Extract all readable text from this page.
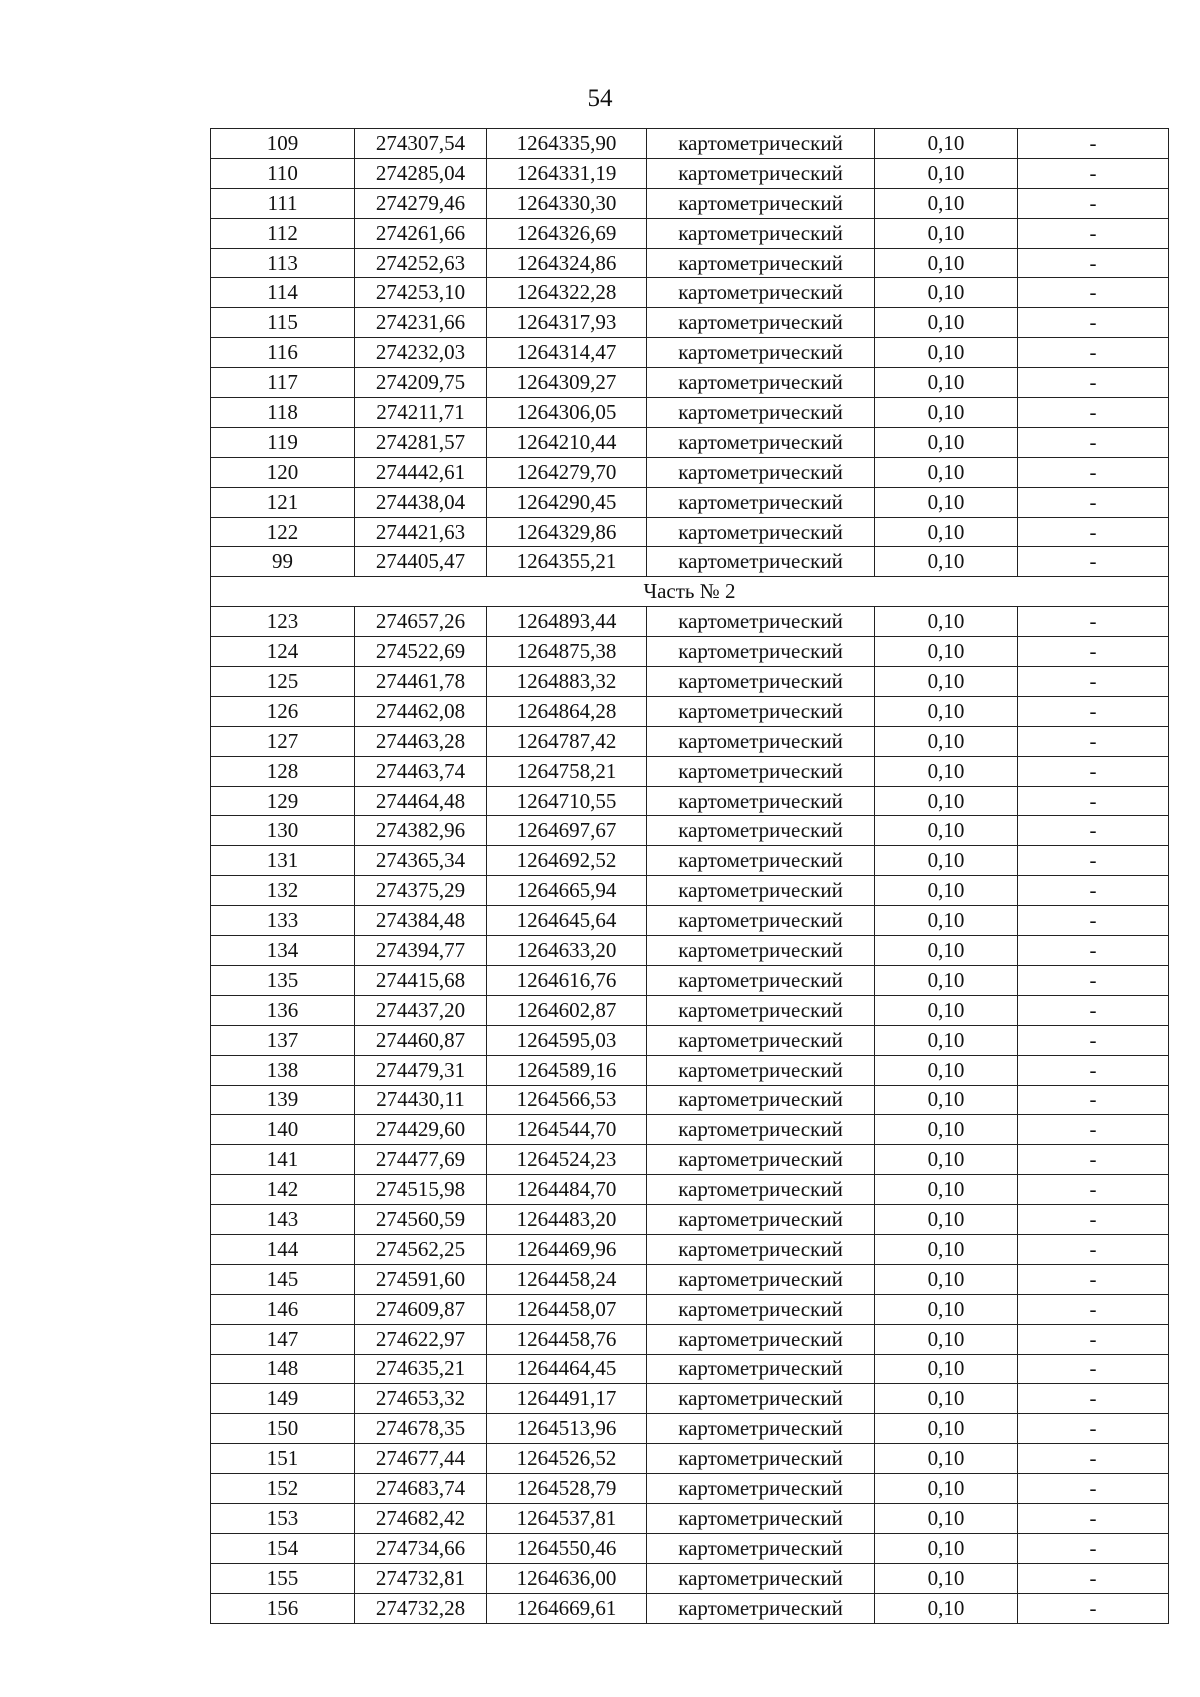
54
109	274307,54	1264335,90	картометрический	0,10	-
110	274285,04	1264331,19	картометрический	0,10	-
111	274279,46	1264330,30	картометрический	0,10	-
112	274261,66	1264326,69	картометрический	0,10	-
113	274252,63	1264324,86	картометрический	0,10	-
114	274253,10	1264322,28	картометрический	0,10	-
115	274231,66	1264317,93	картометрический	0,10	-
116	274232,03	1264314,47	картометрический	0,10	-
117	274209,75	1264309,27	картометрический	0,10	-
118	274211,71	1264306,05	картометрический	0,10	-
119	274281,57	1264210,44	картометрический	0,10	-
120	274442,61	1264279,70	картометрический	0,10	-
121	274438,04	1264290,45	картометрический	0,10	-
122	274421,63	1264329,86	картометрический	0,10	-
99	274405,47	1264355,21	картометрический	0,10	-
Часть № 2					
123	274657,26	1264893,44	картометрический	0,10	-
124	274522,69	1264875,38	картометрический	0,10	-
125	274461,78	1264883,32	картометрический	0,10	-
126	274462,08	1264864,28	картометрический	0,10	-
127	274463,28	1264787,42	картометрический	0,10	-
128	274463,74	1264758,21	картометрический	0,10	-
129	274464,48	1264710,55	картометрический	0,10	-
130	274382,96	1264697,67	картометрический	0,10	-
131	274365,34	1264692,52	картометрический	0,10	-
132	274375,29	1264665,94	картометрический	0,10	-
133	274384,48	1264645,64	картометрический	0,10	-
134	274394,77	1264633,20	картометрический	0,10	-
135	274415,68	1264616,76	картометрический	0,10	-
136	274437,20	1264602,87	картометрический	0,10	-
137	274460,87	1264595,03	картометрический	0,10	-
138	274479,31	1264589,16	картометрический	0,10	-
139	274430,11	1264566,53	картометрический	0,10	-
140	274429,60	1264544,70	картометрический	0,10	-
141	274477,69	1264524,23	картометрический	0,10	-
142	274515,98	1264484,70	картометрический	0,10	-
143	274560,59	1264483,20	картометрический	0,10	-
144	274562,25	1264469,96	картометрический	0,10	-
145	274591,60	1264458,24	картометрический	0,10	-
146	274609,87	1264458,07	картометрический	0,10	-
147	274622,97	1264458,76	картометрический	0,10	-
148	274635,21	1264464,45	картометрический	0,10	-
149	274653,32	1264491,17	картометрический	0,10	-
150	274678,35	1264513,96	картометрический	0,10	-
151	274677,44	1264526,52	картометрический	0,10	-
152	274683,74	1264528,79	картометрический	0,10	-
153	274682,42	1264537,81	картометрический	0,10	-
154	274734,66	1264550,46	картометрический	0,10	-
155	274732,81	1264636,00	картометрический	0,10	-
156	274732,28	1264669,61	картометрический	0,10	-
